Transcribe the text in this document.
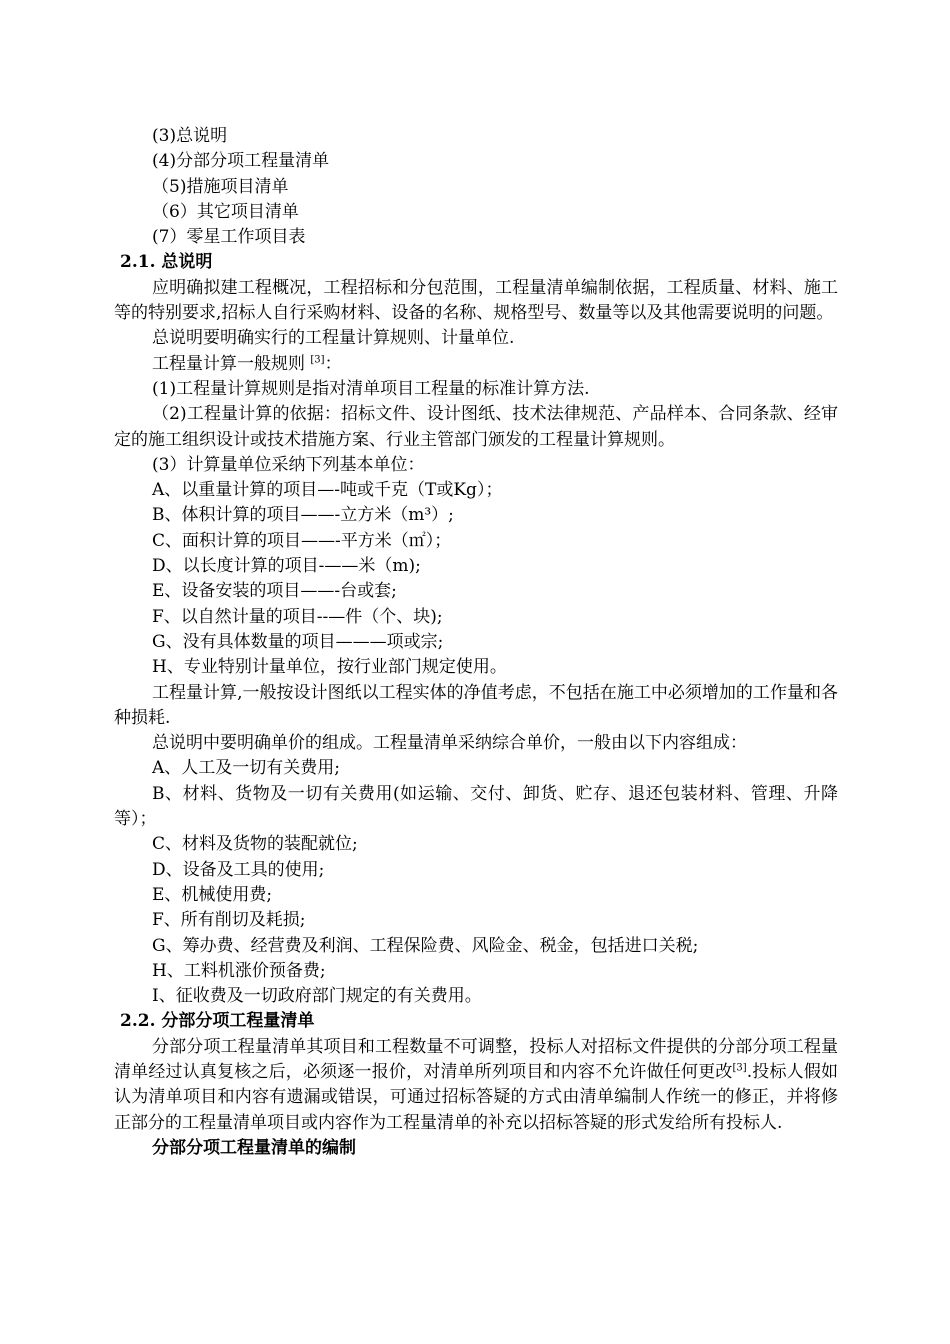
(3)总说明

(4)分部分项工程量清单

（5)措施项目清单

（6）其它项目清单

(7）零星工作项目表

2.1. 总说明

应明确拟建工程概况，工程招标和分包范围，工程量清单编制依据，工程质量、材料、施工等的特别要求,招标人自行采购材料、设备的名称、规格型号、数量等以及其他需要说明的问题。

总说明要明确实行的工程量计算规则、计量单位.

工程量计算一般规则 [3]：

(1)工程量计算规则是指对清单项目工程量的标准计算方法.

（2)工程量计算的依据：招标文件、设计图纸、技术法律规范、产品样本、合同条款、经审定的施工组织设计或技术措施方案、行业主管部门颁发的工程量计算规则。

(3）计算量单位采纳下列基本单位：

A、以重量计算的项目—-吨或千克（T或Kg）；

B、体积计算的项目——-立方米（m³）;

C、面积计算的项目——-平方米（㎡）；

D、以长度计算的项目-——米（m);

E、设备安装的项目——-台或套;

F、以自然计量的项目--—件（个、块);

G、没有具体数量的项目———项或宗;

H、专业特别计量单位，按行业部门规定使用。

工程量计算,一般按设计图纸以工程实体的净值考虑，不包括在施工中必须增加的工作量和各种损耗.

总说明中要明确单价的组成。工程量清单采纳综合单价，一般由以下内容组成：

A、人工及一切有关费用;

B、材料、货物及一切有关费用(如运输、交付、卸货、贮存、退还包装材料、管理、升降等）；

C、材料及货物的装配就位;

D、设备及工具的使用;

E、机械使用费;

F、所有削切及耗损;

G、筹办费、经营费及利润、工程保险费、风险金、税金，包括进口关税;

H、工料机涨价预备费;

I、征收费及一切政府部门规定的有关费用。

2.2. 分部分项工程量清单

分部分项工程量清单其项目和工程数量不可调整，投标人对招标文件提供的分部分项工程量清单经过认真复核之后，必须逐一报价，对清单所列项目和内容不允许做任何更改[3].投标人假如认为清单项目和内容有遗漏或错误，可通过招标答疑的方式由清单编制人作统一的修正，并将修正部分的工程量清单项目或内容作为工程量清单的补充以招标答疑的形式发给所有投标人.

分部分项工程量清单的编制
